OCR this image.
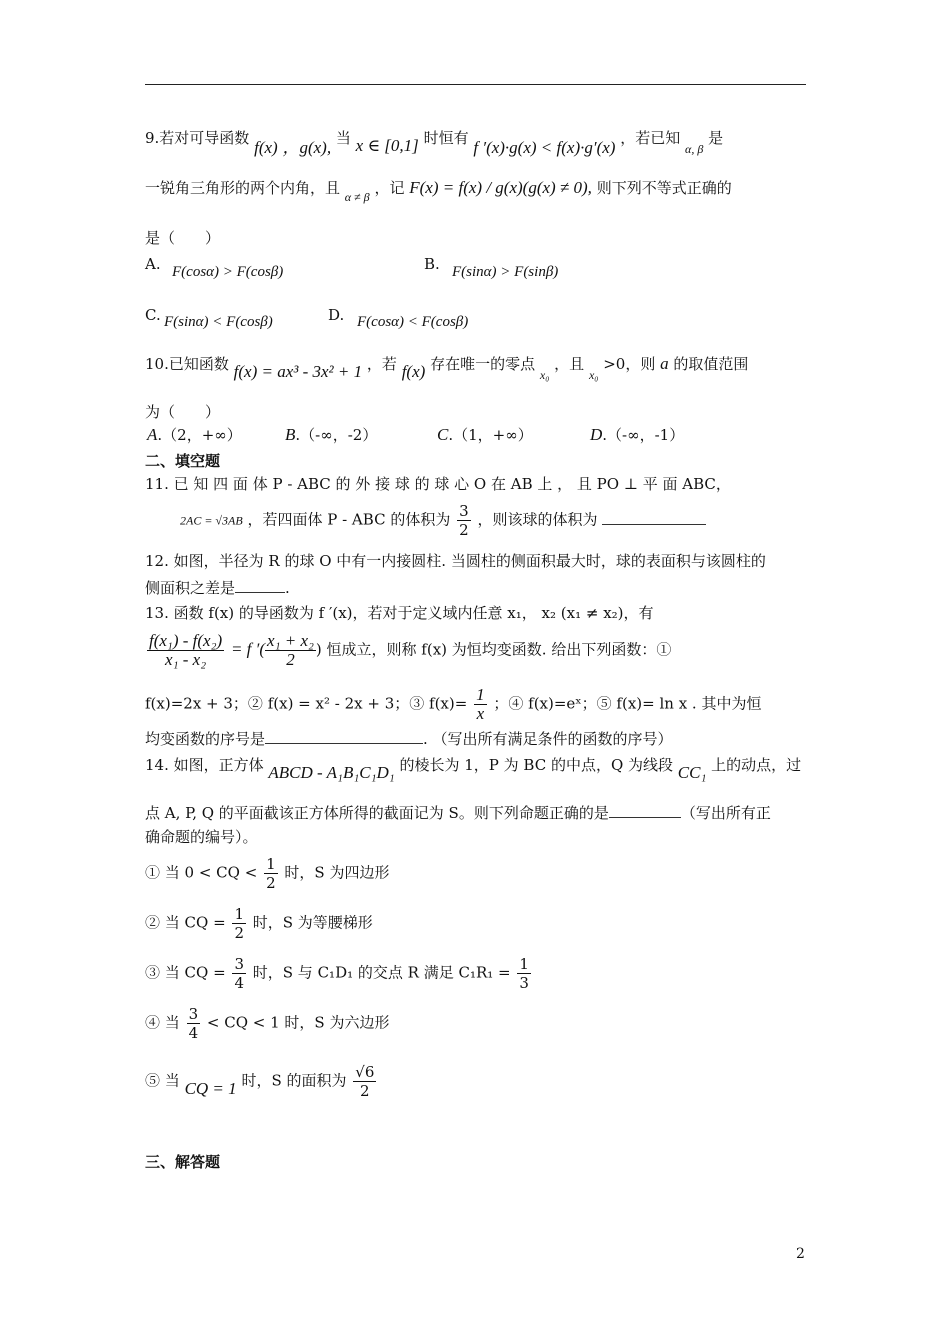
9.若对可导函数 f(x) ，g(x), 当 x ∈ [0,1] 时恒有 f ′(x)·g(x) < f(x)·g′(x) ，若已知 $_{\alpha, \beta}$ 是
一锐角三角形的两个内角，且 $_{\alpha \ne \beta}$ ，记 F(x) = f(x) / g(x)(g(x) ≠ 0), 则下列不等式正确的
是（　　）
A. F(cosα) > F(cosβ)	B. F(sinα) > F(sinβ)
C. F(sinα) < F(cosβ)	D. F(cosα) < F(cosβ)
10.已知函数 f(x) = ax³ - 3x² + 1 ，若 f(x) 存在唯一的零点 $_{x_0}$ ，且 $_{x_0}$ >0，则 a 的取值范围
为（　　）
A.（2，+∞）	B.（-∞，-2）	C.（1，+∞）	D.（-∞，-1）
二、填空题
11. 已 知 四 面 体 P - ABC 的 外 接 球 的 球 心 O 在 AB 上 ， 且 PO ⊥ 平 面 ABC，
2AC = √3AB ，若四面体 P - ABC 的体积为 $\frac{3}{2}$ ，则该球的体积为
12. 如图，半径为 R 的球 O 中有一内接圆柱. 当圆柱的侧面积最大时，球的表面积与该圆柱的
侧面积之差是	.
13. 函数 f(x) 的导函数为 f ′(x)，若对于定义域内任意 x₁， x₂ (x₁ ≠ x₂)，有
$\frac{\text{f(x₁) - f(x₂)}}{\text{x₁ - x₂}} = f$ ′( $\frac{\text{x₁ + x₂}}{2}$ ) 恒成立，则称 f(x) 为恒均变函数. 给出下列函数：①
f(x)=2x + 3；② f(x) = x² - 2x + 3；③ $f(x)= \frac{1}{x}$ ；④ f(x)=eˣ；⑤ f(x)= ln x . 其中为恒
均变函数的序号是	. （写出所有满足条件的函数的序号）
14. 如图，正方体 ABCD - A₁B₁C₁D₁ 的棱长为 1，P 为 BC 的中点，Q 为线段 CC₁ 上的动点，过
点 A, P, Q 的平面截该正方体所得的截面记为 S。则下列命题正确的是	（写出所有正
确命题的编号）。
① 当 0 < CQ < $\frac{1}{2}$ 时，S 为四边形
② 当 CQ = $\frac{1}{2}$ 时，S 为等腰梯形
③ 当 CQ = $\frac{3}{4}$ 时，S 与 C₁D₁ 的交点 R 满足 $C_1R_1 = \frac{1}{3}$
④ 当 $\frac{3}{4}$ < CQ < 1 时，S 为六边形
⑤ 当 CQ = 1 时，S 的面积为 $\frac{√6}{2}$
三、解答题
2
